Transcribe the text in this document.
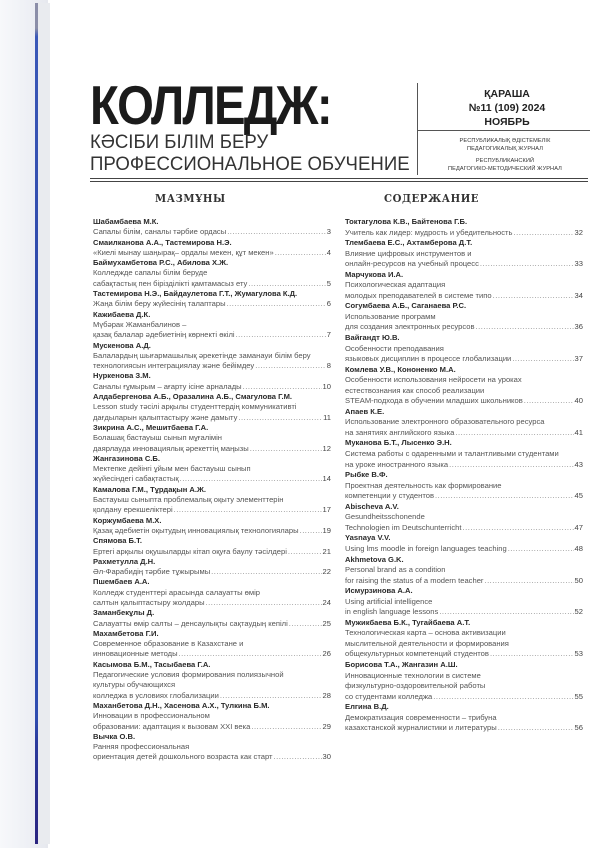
КОЛЛЕДЖ:
КƏСІБИ БІЛІМ БЕРУ
ПРОФЕССИОНАЛЬНОЕ ОБУЧЕНИЕ
ҚАРАША
№11 (109) 2024
НОЯБРЬ
РЕСПУБЛИКАЛЫҚ ƏДІСТЕМЕЛІК
ПЕДАГОГИКАЛЫҚ ЖУРНАЛ
РЕСПУБЛИКАНСКИЙ
ПЕДАГОГИКО-МЕТОДИЧЕСКИЙ ЖУРНАЛ
МАЗМҰНЫ	СОДЕРЖАНИЕ
Шабамбаева М.К.
Сапалы білім, саналы тәрбие ордасы .....	3
Смаилканова А.А., Тастемирова Н.Э.
«Киелі мынау шаңырақ– ордалы мекен, құт мекен» .....	4
Баймухамбетова Р.С., Абилова Х.Ж.
Колледжде сапалы білім беруде
сабақтастық пен бірізділікті қамтамасыз ету .....	5
Тастемирова Н.Э., Байдаулетова Г.Т., Жумагулова К.Д.
Жаңа білім беру жүйесінің талаптары .....	6
Кажибаева Д.К.
Мүбәрак Жаманбалинов –
қазақ балалар әдебиетінің көрнекті өкілі .....	7
Мускенова А.Д.
Балалардың шығармашылық әрекетінде заманауи білім беру
технологиясын интеграциялау және бейімдеу .....	8
Нуркенова З.М.
Саналы ғұмырым – ағарту ісіне арналады .....	10
Алдабергенова А.Б., Оразалина А.Б., Смагулова Г.М.
Lesson study тәсілі арқылы студенттердің коммуникативті
дағдыларын қалыптастыру және дамыту .....	11
Зикрина А.С., Мешитбаева Г.А.
Болашақ бастауыш сынып мұғалімін
даярлауда инновациялық әрекеттің маңызы .....	12
Жангазинова С.Б.
Мектепке дейінгі ұйым мен бастауыш сынып
жүйесіндегі сабақтастық .....	14
Камалова Г.М., Тұрдақын А.Ж.
Бастауыш сыныпта проблемалық оқыту элементтерін
қолдану ерекшеліктері .....	17
Коржумбаева М.Х.
Қазақ әдебиетін оқытудың инновациялық технологиялары .....	19
Спямова Б.Т.
Ертегі арқылы оқушыларды кітап оқуға баулу тәсілдері .....	21
Рахметулла Д.Н.
Әл-Фарабидің тәрбие тұжырымы .....	22
Пшембаев А.А.
Колледж студенттері арасында салауатты өмір
салтын қалыптастыру жолдары .....	24
Заманбекұлы Д.
Салауатты өмір салты – денсаулықты сақтаудың кепілі .....	25
Махамбетова Г.И.
Современное образование в Казахстане и
инновационные методы .....	26
Касымова Б.М., Тасыбаева Г.А.
Педагогические условия формирования полиязычной
культуры обучающихся
колледжа в условиях глобализации .....	28
Маханбетова Д.Н., Хасенова А.Х., Тулкина Б.М.
Инновации в профессиональном
образовании: адаптация к вызовам XXI века .....	29
Вычка О.В.
Ранняя профессиональная
ориентация детей дошкольного возраста как старт .....	30
Токтагулова К.В., Байтенова Г.Б.
Учитель как лидер: мудрость и убедительность .....	32
Тлембаева Е.С., Ахтамберова Д.Т.
Влияние цифровых инструментов и
онлайн-ресурсов на учебный процесс .....	33
Марчукова И.А.
Психологическая адаптация
молодых преподавателей в системе типо .....	34
Согумбаева А.Б., Саганаева Р.С.
Использование программ
для создания электронных ресурсов .....	36
Вайгандт Ю.В.
Особенности преподавания
языковых дисциплин в процессе глобализации .....	37
Комлева У.В., Кононенко М.А.
Особенности использования нейросети на уроках
естествознания как способ реализации
STEAM-подхода в обучении младших школьников .....	40
Апаев К.Е.
Использование электронного образовательного ресурса
на занятиях английского языка .....	41
Муканова Б.Т., Лысенко Э.Н.
Система работы с одаренными и талантливыми студентами
на уроке иностранного языка .....	43
Рыбке В.Ф.
Проектная деятельность как формирование
компетенции у студентов .....	45
Abischeva A.V.
Gesundheitsschonende
Technologien im Deutschunterricht .....	47
Yasnaya V.V.
Using lms moodle in foreign languages teaching .....	48
Akhmetova G.K.
Personal brand as a condition
for raising the status of a modern teacher .....	50
Исмурзинова А.А.
Using artificial intelligence
in english language lessons .....	52
Мужикбаева Б.К., Тугайбаева А.Т.
Технологическая карта – основа активизации
мыслительной деятельности и формирования
общекультурных компетенций студентов .....	53
Борисова Т.А., Жангазин А.Ш.
Инновационные технологии в системе
физкультурно-оздоровительной работы
со студентами колледжа .....	55
Елгина В.Д.
Демократизация современности – трибуна
казахстанской журналистики и литературы .....	56
